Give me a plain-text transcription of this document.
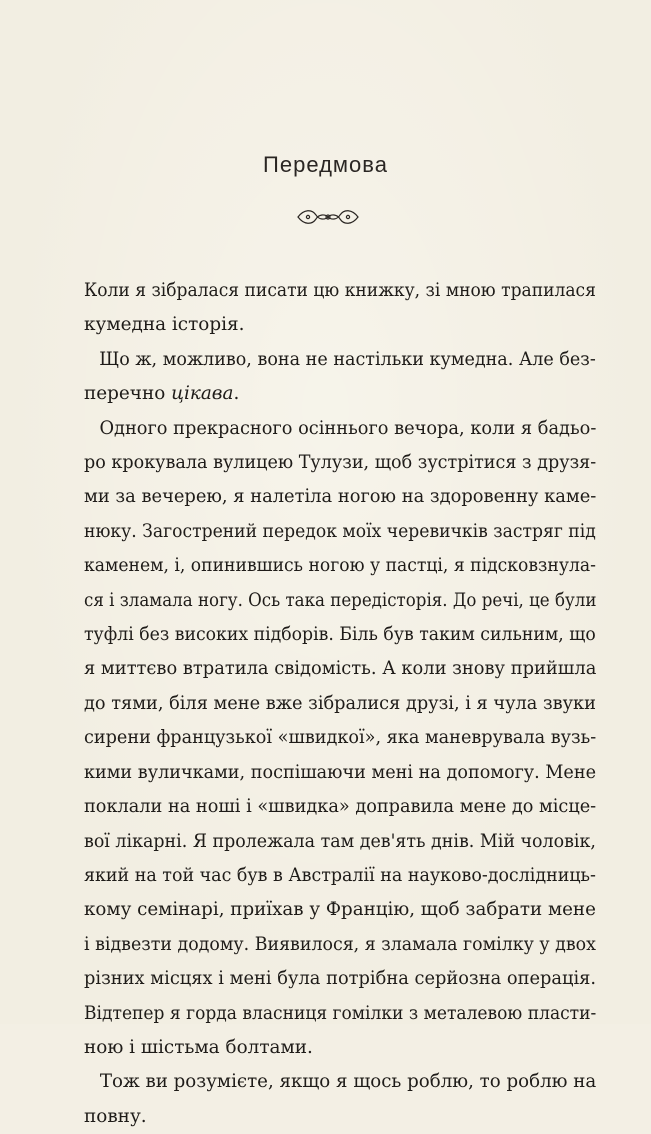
Передмова
Коли я зібралася писати цю книжку, зі мною трапилася
кумедна історія.
Що ж, можливо, вона не настільки кумедна. Але без-
перечно цікава.
Одного прекрасного осіннього вечора, коли я бадьо-
ро крокувала вулицею Тулузи, щоб зустрітися з друзя-
ми за вечерею, я налетіла ногою на здоровенну каме-
нюку. Загострений передок моїх черевичків застряг під
каменем, і, опинившись ногою у пастці, я підсковзнула-
ся і зламала ногу. Ось така передісторія. До речі, це були
туфлі без високих підборів. Біль був таким сильним, що
я миттєво втратила свідомість. А коли знову прийшла
до тями, біля мене вже зібралися друзі, і я чула звуки
сирени французької «швидкої», яка маневрувала вузь-
кими вуличками, поспішаючи мені на допомогу. Мене
поклали на ноші і «швидка» доправила мене до місце-
вої лікарні. Я пролежала там дев'ять днів. Мій чоловік,
який на той час був в Австралії на науково-дослідниць-
кому семінарі, приїхав у Францію, щоб забрати мене
і відвезти додому. Виявилося, я зламала гомілку у двох
різних місцях і мені була потрібна серйозна операція.
Відтепер я горда власниця гомілки з металевою пласти-
ною і шістьма болтами.
Тож ви розумієте, якщо я щось роблю, то роблю на
повну.
